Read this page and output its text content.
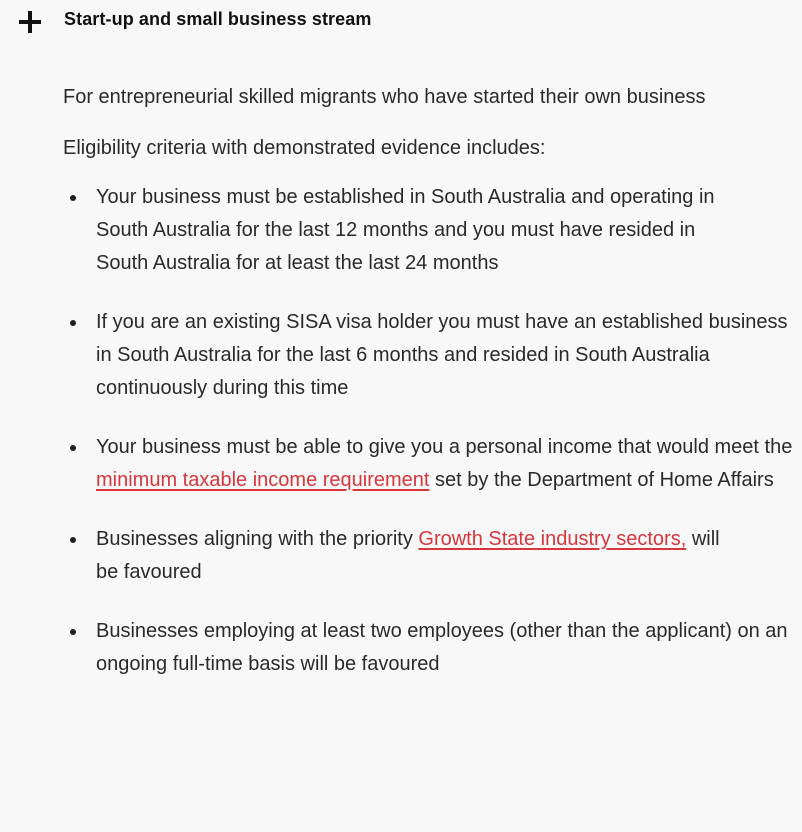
Start-up and small business stream

For entrepreneurial skilled migrants who have started their own business

Eligibility criteria with demonstrated evidence includes:

Your business must be established in South Australia and operating in South Australia for the last 12 months and you must have resided in South Australia for at least the last 24 months
If you are an existing SISA visa holder you must have an established business in South Australia for the last 6 months and resided in South Australia continuously during this time
Your business must be able to give you a personal income that would meet the minimum taxable income requirement set by the Department of Home Affairs
Businesses aligning with the priority Growth State industry sectors, will be favoured
Businesses employing at least two employees (other than the applicant) on an ongoing full-time basis will be favoured
